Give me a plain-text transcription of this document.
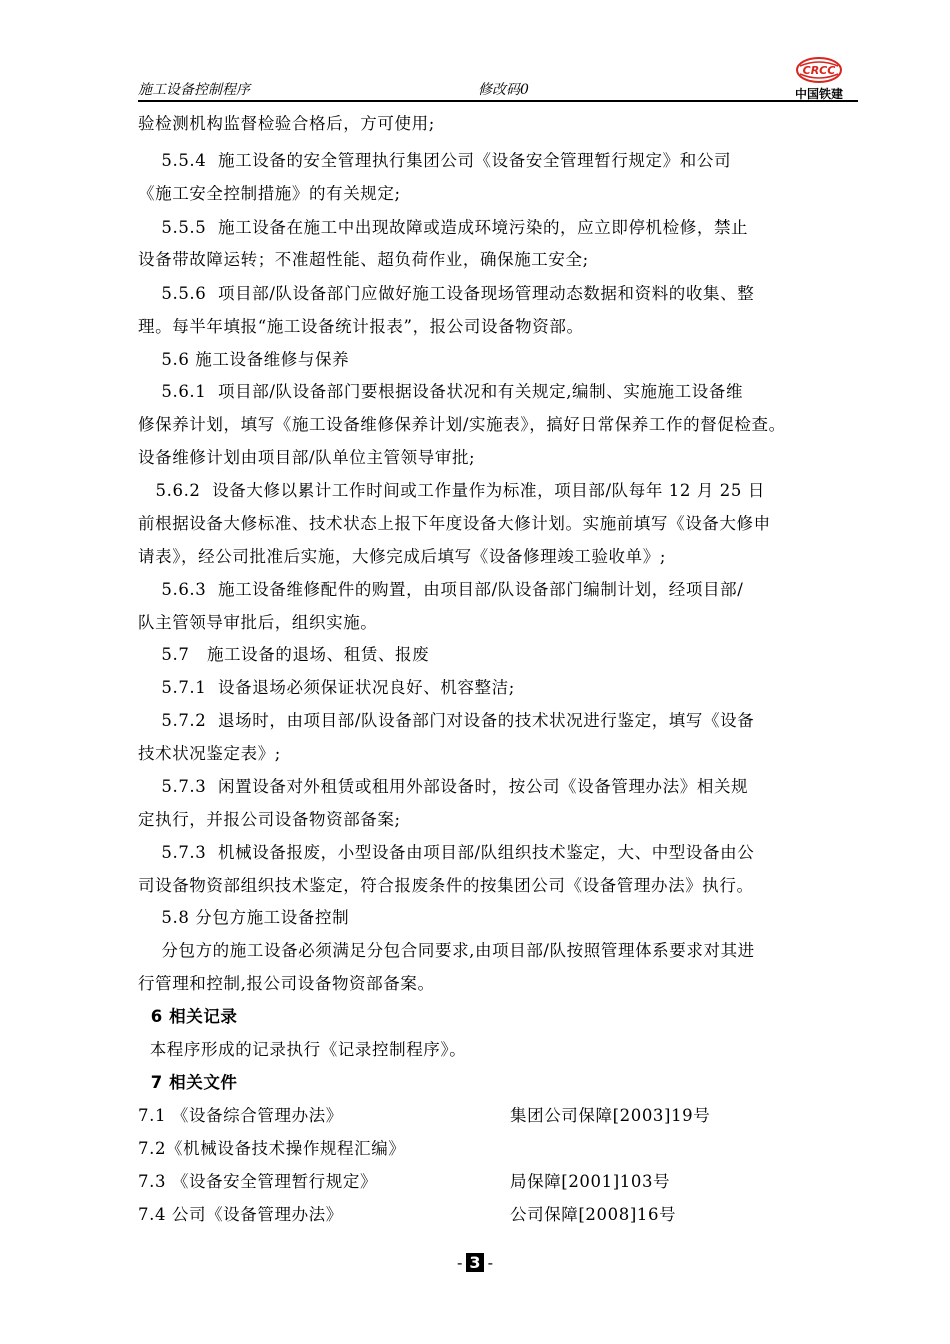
施工设备控制程序	修改码0
CRCC
中国铁建
验检测机构监督检验合格后，方可使用;
5.5.4  施工设备的安全管理执行集团公司《设备安全管理暂行规定》和公司
《施工安全控制措施》的有关规定;
5.5.5  施工设备在施工中出现故障或造成环境污染的，应立即停机检修，禁止
设备带故障运转；不准超性能、超负荷作业，确保施工安全;
5.5.6  项目部/队设备部门应做好施工设备现场管理动态数据和资料的收集、整
理。每半年填报“施工设备统计报表”，报公司设备物资部。
5.6 施工设备维修与保养
5.6.1  项目部/队设备部门要根据设备状况和有关规定,编制、实施施工设备维
修保养计划，填写《施工设备维修保养计划/实施表》，搞好日常保养工作的督促检查。
设备维修计划由项目部/队单位主管领导审批;
5.6.2  设备大修以累计工作时间或工作量作为标准，项目部/队每年 12 月 25 日
前根据设备大修标准、技术状态上报下年度设备大修计划。实施前填写《设备大修申
请表》，经公司批准后实施，大修完成后填写《设备修理竣工验收单》;
5.6.3  施工设备维修配件的购置，由项目部/队设备部门编制计划，经项目部/
队主管领导审批后，组织实施。
5.7   施工设备的退场、租赁、报废
5.7.1  设备退场必须保证状况良好、机容整洁;
5.7.2  退场时，由项目部/队设备部门对设备的技术状况进行鉴定，填写《设备
技术状况鉴定表》;
5.7.3  闲置设备对外租赁或租用外部设备时，按公司《设备管理办法》相关规
定执行，并报公司设备物资部备案;
5.7.3  机械设备报废，小型设备由项目部/队组织技术鉴定，大、中型设备由公
司设备物资部组织技术鉴定，符合报废条件的按集团公司《设备管理办法》执行。
5.8 分包方施工设备控制
分包方的施工设备必须满足分包合同要求,由项目部/队按照管理体系要求对其进
行管理和控制,报公司设备物资部备案。
6 相关记录
本程序形成的记录执行《记录控制程序》。
7 相关文件
7.1 《设备综合管理办法》	集团公司保障[2003]19号
7.2《机械设备技术操作规程汇编》
7.3 《设备安全管理暂行规定》	局保障[2001]103号
7.4 公司《设备管理办法》	公司保障[2008]16号
- 3 -
